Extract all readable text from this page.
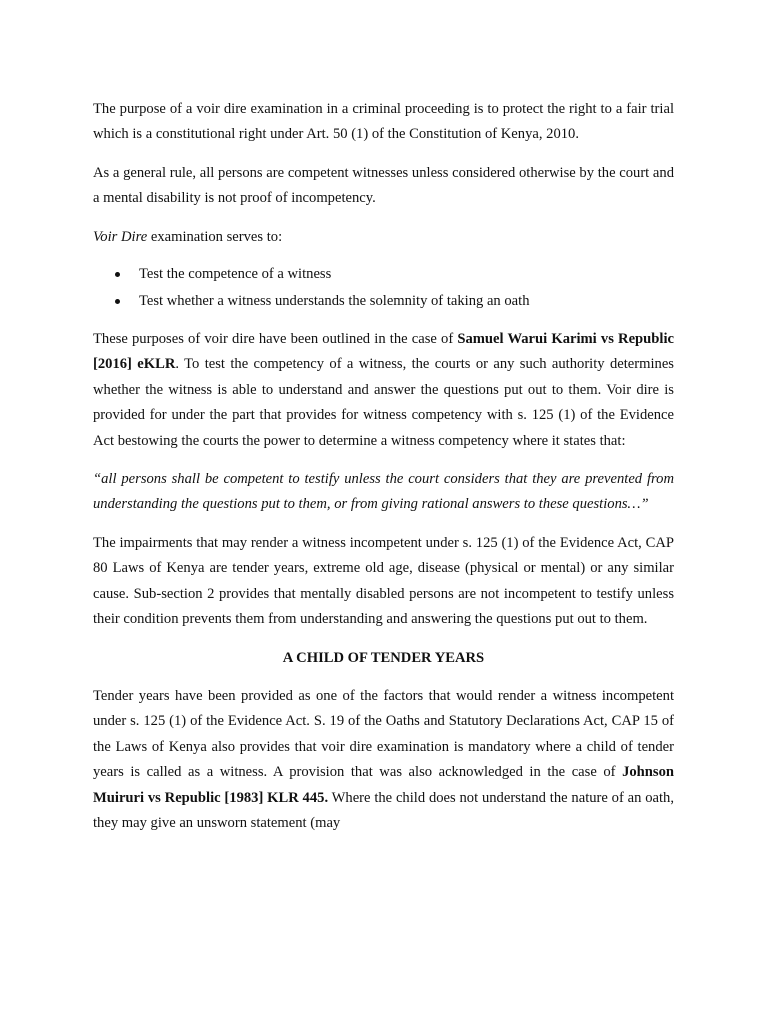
The purpose of a voir dire examination in a criminal proceeding is to protect the right to a fair trial which is a constitutional right under Art. 50 (1) of the Constitution of Kenya, 2010.

As a general rule, all persons are competent witnesses unless considered otherwise by the court and a mental disability is not proof of incompetency.

Voir Dire examination serves to:

Test the competence of a witness
Test whether a witness understands the solemnity of taking an oath

These purposes of voir dire have been outlined in the case of Samuel Warui Karimi vs Republic [2016] eKLR. To test the competency of a witness, the courts or any such authority determines whether the witness is able to understand and answer the questions put out to them. Voir dire is provided for under the part that provides for witness competency with s. 125 (1) of the Evidence Act bestowing the courts the power to determine a witness competency where it states that:

“all persons shall be competent to testify unless the court considers that they are prevented from understanding the questions put to them, or from giving rational answers to these questions…”

The impairments that may render a witness incompetent under s. 125 (1) of the Evidence Act, CAP 80 Laws of Kenya are tender years, extreme old age, disease (physical or mental) or any similar cause. Sub-section 2 provides that mentally disabled persons are not incompetent to testify unless their condition prevents them from understanding and answering the questions put out to them.

A CHILD OF TENDER YEARS

Tender years have been provided as one of the factors that would render a witness incompetent under s. 125 (1) of the Evidence Act. S. 19 of the Oaths and Statutory Declarations Act, CAP 15 of the Laws of Kenya also provides that voir dire examination is mandatory where a child of tender years is called as a witness. A provision that was also acknowledged in the case of Johnson Muiruri vs Republic [1983] KLR 445. Where the child does not understand the nature of an oath, they may give an unsworn statement (may
